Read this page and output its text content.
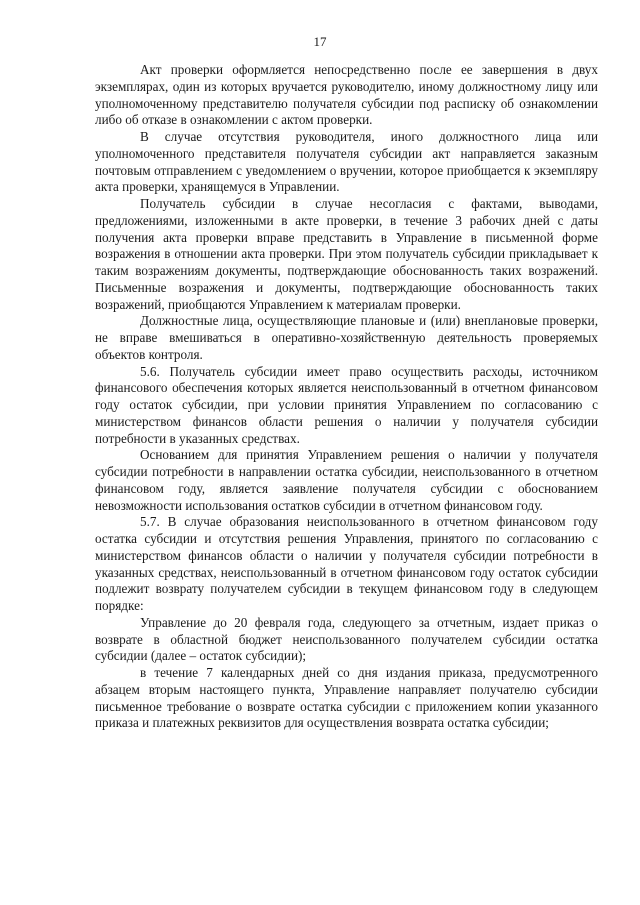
17

Акт проверки оформляется непосредственно после ее завершения в двух экземплярах, один из которых вручается руководителю, иному должностному лицу или уполномоченному представителю получателя субсидии под расписку об ознакомлении либо об отказе в ознакомлении с актом проверки.

В случае отсутствия руководителя, иного должностного лица или уполномоченного представителя получателя субсидии акт направляется заказным почтовым отправлением с уведомлением о вручении, которое приобщается к экземпляру акта проверки, хранящемуся в Управлении.

Получатель субсидии в случае несогласия с фактами, выводами, предложениями, изложенными в акте проверки, в течение 3 рабочих дней с даты получения акта проверки вправе представить в Управление в письменной форме возражения в отношении акта проверки. При этом получатель субсидии прикладывает к таким возражениям документы, подтверждающие обоснованность таких возражений. Письменные возражения и документы, подтверждающие обоснованность таких возражений, приобщаются Управлением к материалам проверки.

Должностные лица, осуществляющие плановые и (или) внеплановые проверки, не вправе вмешиваться в оперативно-хозяйственную деятельность проверяемых объектов контроля.

5.6. Получатель субсидии имеет право осуществить расходы, источником финансового обеспечения которых является неиспользованный в отчетном финансовом году остаток субсидии, при условии принятия Управлением по согласованию с министерством финансов области решения о наличии у получателя субсидии потребности в указанных средствах.

Основанием для принятия Управлением решения о наличии у получателя субсидии потребности в направлении остатка субсидии, неиспользованного в отчетном финансовом году, является заявление получателя субсидии с обоснованием невозможности использования остатков субсидии в отчетном финансовом году.

5.7. В случае образования неиспользованного в отчетном финансовом году остатка субсидии и отсутствия решения Управления, принятого по согласованию с министерством финансов области о наличии у получателя субсидии потребности в указанных средствах, неиспользованный в отчетном финансовом году остаток субсидии подлежит возврату получателем субсидии в текущем финансовом году в следующем порядке:

Управление до 20 февраля года, следующего за отчетным, издает приказ о возврате в областной бюджет неиспользованного получателем субсидии остатка субсидии (далее – остаток субсидии);

в течение 7 календарных дней со дня издания приказа, предусмотренного абзацем вторым настоящего пункта, Управление направляет получателю субсидии письменное требование о возврате остатка субсидии с приложением копии указанного приказа и платежных реквизитов для осуществления возврата остатка субсидии;
